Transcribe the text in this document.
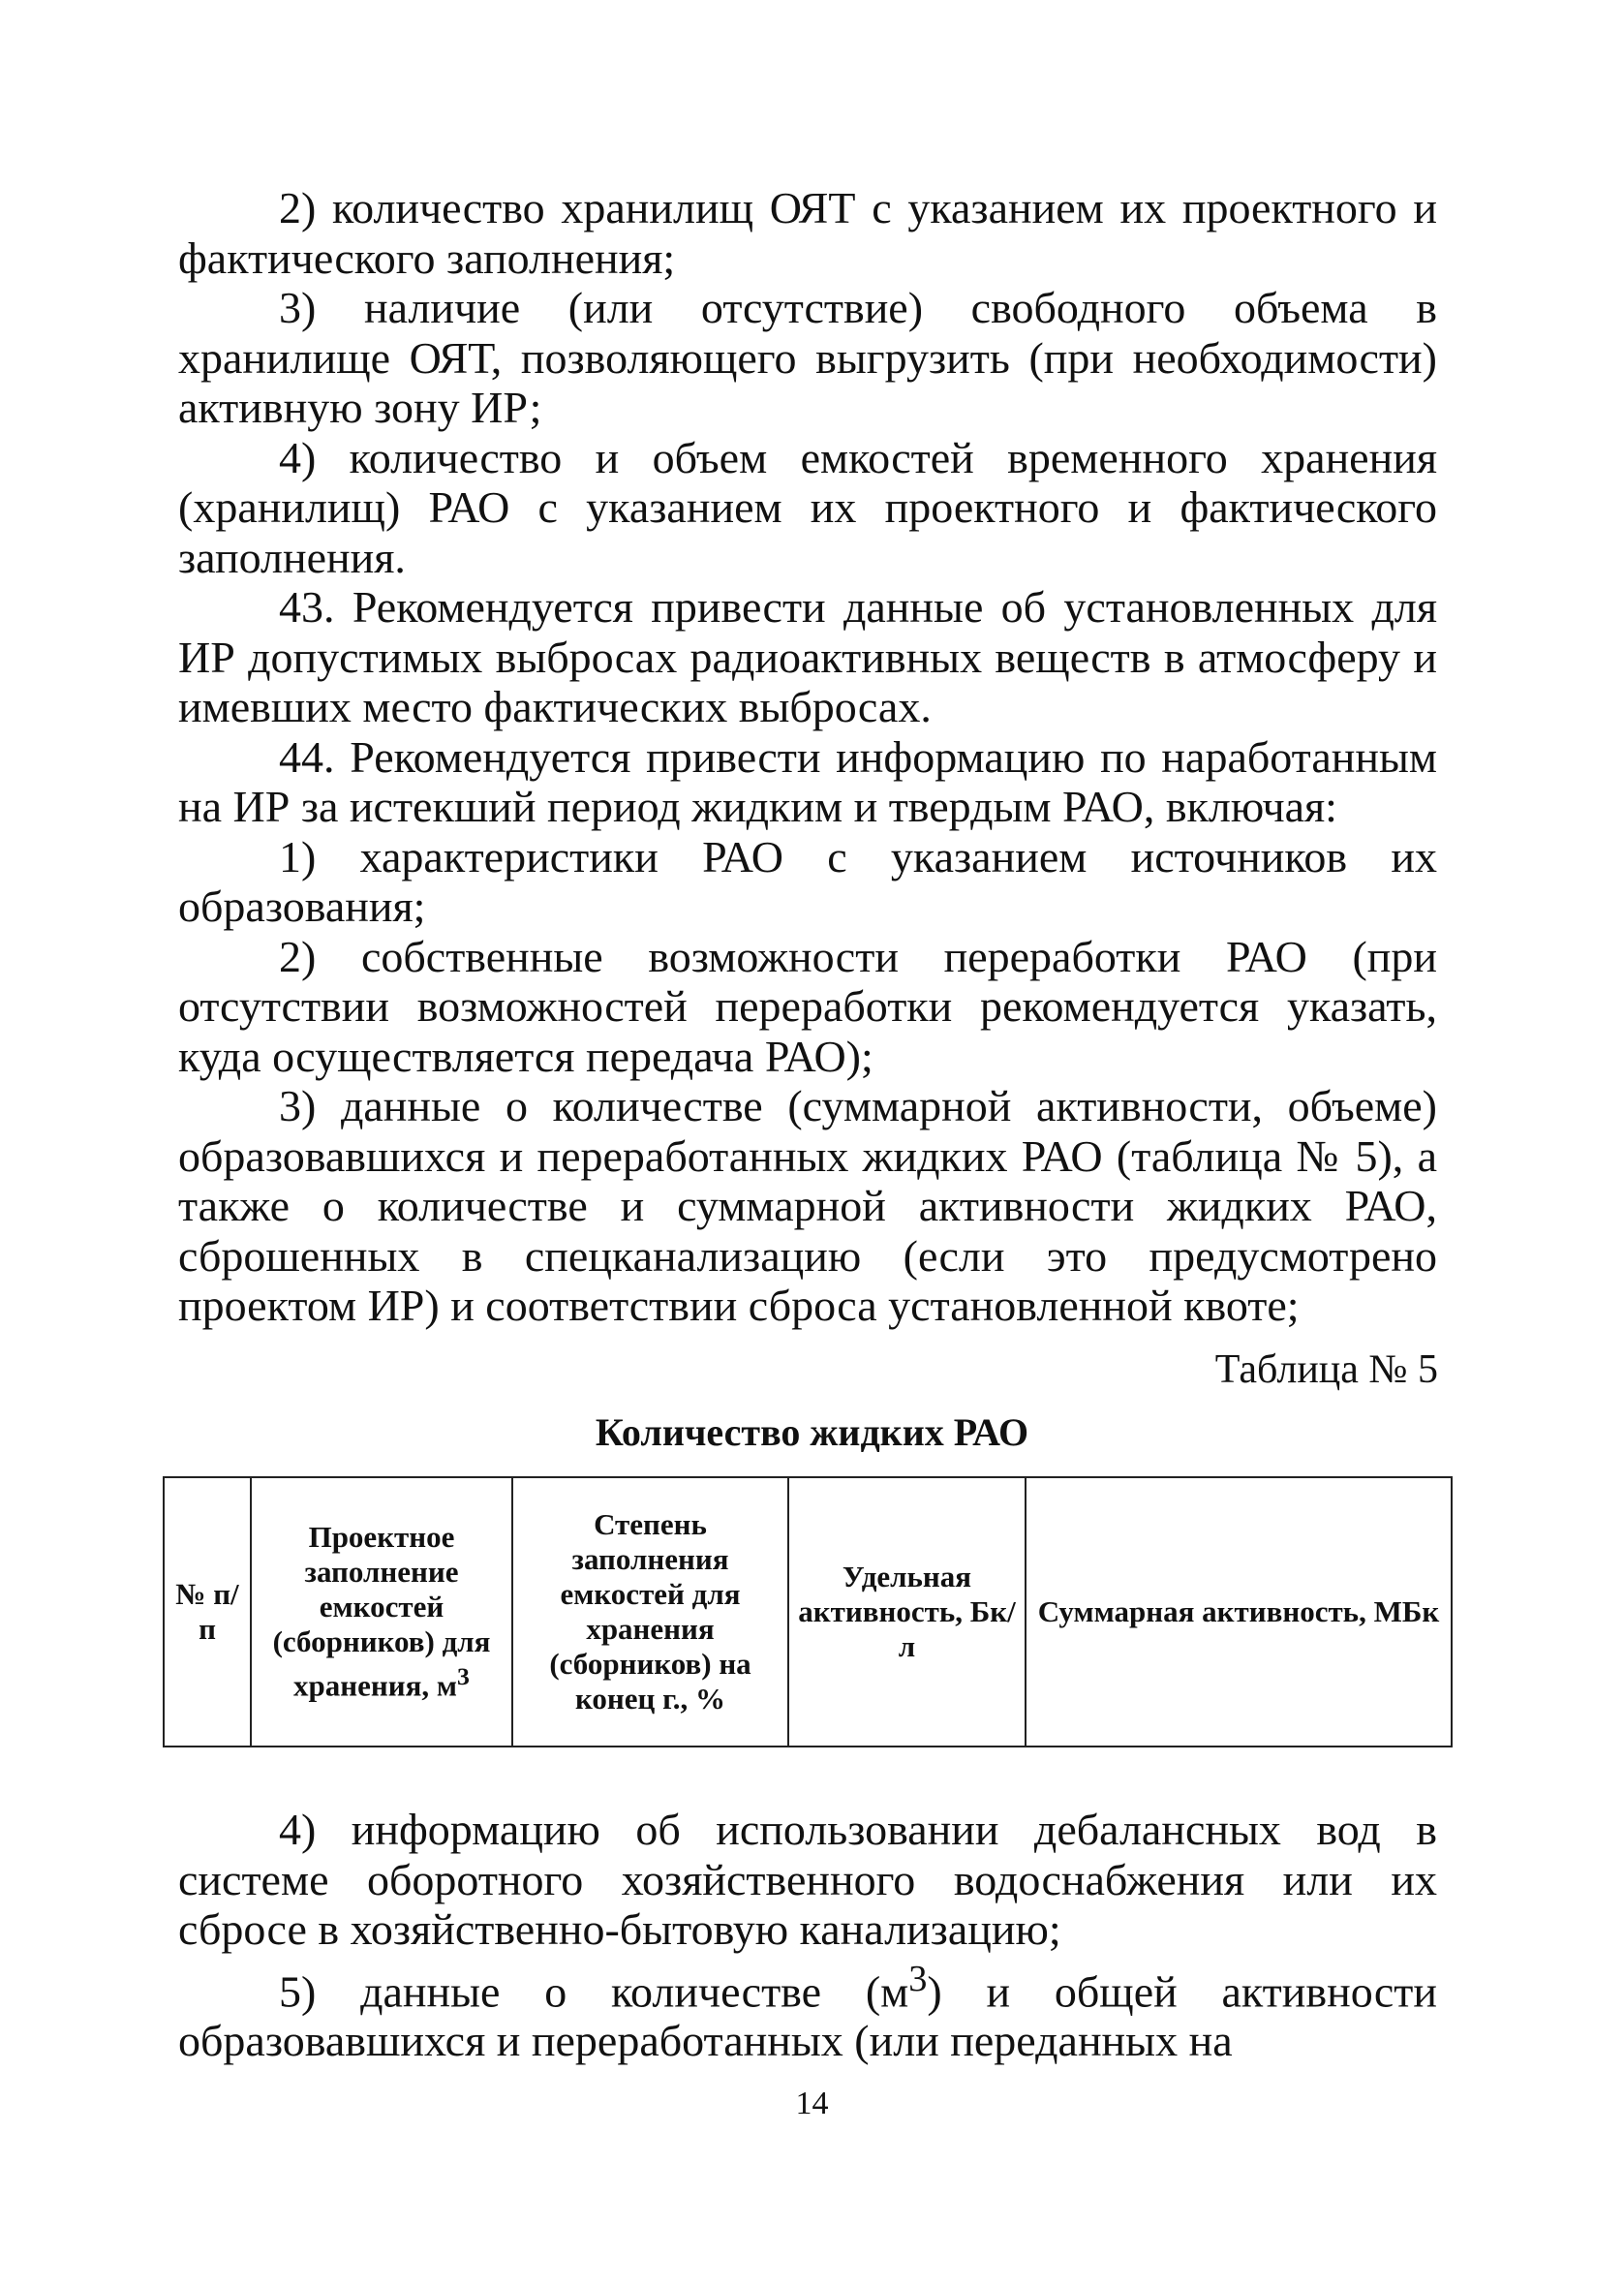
2) количество хранилищ ОЯТ с указанием их проектного и фактического заполнения;

3) наличие (или отсутствие) свободного объема в хранилище ОЯТ, позволяющего выгрузить (при необходимости) активную зону ИР;

4) количество и объем емкостей временного хранения (хранилищ) РАО с указанием их проектного и фактического заполнения.

43. Рекомендуется привести данные об установленных для ИР допустимых выбросах радиоактивных веществ в атмосферу и имевших место фактических выбросах.

44. Рекомендуется привести информацию по наработанным на ИР за истекший период жидким и твердым РАО, включая:

1) характеристики РАО с указанием источников их образования;

2) собственные возможности переработки РАО (при отсутствии возможностей переработки рекомендуется указать, куда осуществляется передача РАО);

3) данные о количестве (суммарной активности, объеме) образовавшихся и переработанных жидких РАО (таблица № 5), а также о количестве и суммарной активности жидких РАО, сброшенных в спецканализацию (если это предусмотрено проектом ИР) и соответствии сброса установленной квоте;

Таблица № 5
Количество жидких РАО
№ п/п	Проектное заполнение емкостей (сборников) для хранения, $м^3$	Степень заполнения емкостей для хранения (сборников) на конец г., %	Удельная активность, Бк/л	Суммарная активность, МБк

4) информацию об использовании дебалансных вод в системе оборотного хозяйственного водоснабжения или их сбросе в хозяйственно-бытовую канализацию;

5) данные о количестве $(м^3)$ и общей активности образовавшихся и переработанных (или переданных на

14
